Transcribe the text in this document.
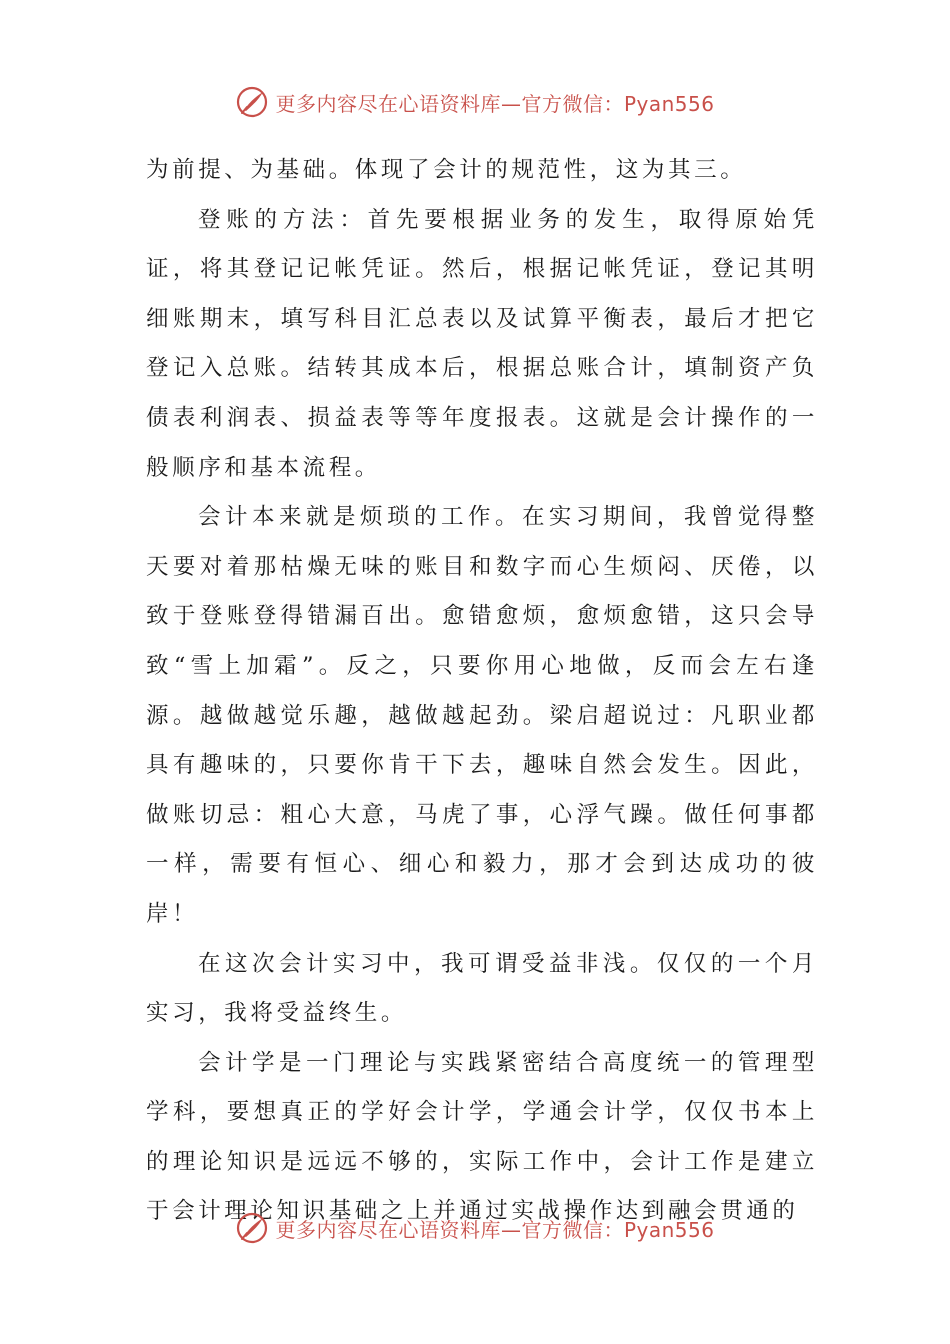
更多内容尽在心语资料库—官方微信：Pyan556

为前提、为基础。体现了会计的规范性，这为其三。

登账的方法：首先要根据业务的发生，取得原始凭证，将其登记记帐凭证。然后，根据记帐凭证，登记其明细账期末，填写科目汇总表以及试算平衡表，最后才把它登记入总账。结转其成本后，根据总账合计，填制资产负债表利润表、损益表等等年度报表。这就是会计操作的一般顺序和基本流程。

会计本来就是烦琐的工作。在实习期间，我曾觉得整天要对着那枯燥无味的账目和数字而心生烦闷、厌倦，以致于登账登得错漏百出。愈错愈烦，愈烦愈错，这只会导致“雪上加霜”。反之，只要你用心地做，反而会左右逢源。越做越觉乐趣，越做越起劲。梁启超说过：凡职业都具有趣味的，只要你肯干下去，趣味自然会发生。因此，做账切忌：粗心大意，马虎了事，心浮气躁。做任何事都一样，需要有恒心、细心和毅力，那才会到达成功的彼岸！

在这次会计实习中，我可谓受益非浅。仅仅的一个月实习，我将受益终生。

会计学是一门理论与实践紧密结合高度统一的管理型学科，要想真正的学好会计学，学通会计学，仅仅书本上的理论知识是远远不够的，实际工作中，会计工作是建立于会计理论知识基础之上并通过实战操作达到融会贯通的

更多内容尽在心语资料库—官方微信：Pyan556
